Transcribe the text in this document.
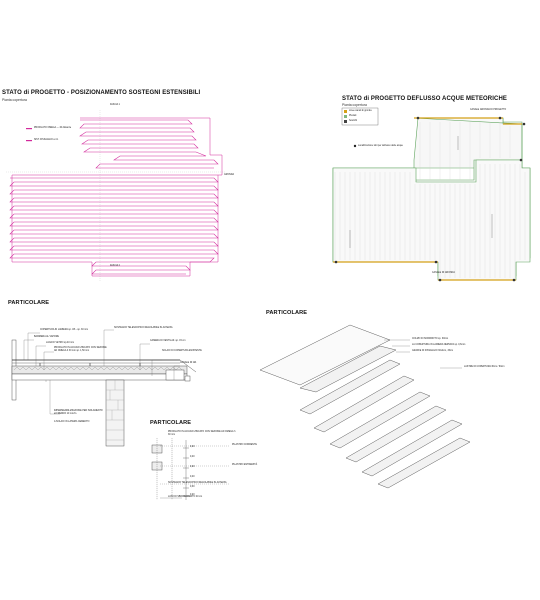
STATO di PROGETTO - POSIZIONAMENTO SOSTEGNI ESTENSIBILI
Pianta copertura	STATO di PROGETTO DEFLUSSO ACQUE METEORICHE
Pianta copertura
PARTICOLARE
PARTICOLARE
PARTICOLARE
PROFILATO OMEGA — 40 distanze
SIST. FISSAGGIO a ml.
FASCIA 1
FASCIA 2
GRONDA
Linee canali di gronda
Pluviali
Scarichi
CANALE GRONDA DI PROGETTO
CANALE DI GRONDA
Localizzazione tubi per deflusso delle acque
COPERTURA IN LAMIERA sp. 4/6 - sp. 30 mm
BARRIERA AL VAPORE
LANA DI VETRO sp.40 mm
PROFILATO IN ACCIAIO ZINCATO CON SEZIONE AD OMEGA h 30 mm sp. 1,50 mm
SOSTEGNO TELESCOPICO REGOLABILE IN ALTEZZA
CAMERA DI VENTILAZ. sp. 15 cm
SOLAIO DI COPERTURA ESISTENTE
CANALE DI GR.
IMPERMEABILIZZAZIONE PER ISOLAMENTO al FREDDO 10 mm/m.
A SOLAIO IN LATERO-CEMENTO
PROFILATO IN ACCIAIO ZINCATO CON SEZIONE AD OMEGA h 30 mm
PILASTRO CORRENTE
PILASTRO ESTREMITÀ
SOSTEGNO TELESCOPICO REGOLABILE IN ALTEZZA
LATO DI SBORDAMENTO 40 cm
0,20
0,40
0,20
0,40
0,30
0,20
COLMO DI SORMONTO sp. 30mm
LA COPERTURA IN LAMIERA NERVATA sp. 0,6mm
GRAFFE DI FISSAGGIO 30x4cm, 33cm
LASTRE DI COPERTURA 30cm / 60cm
